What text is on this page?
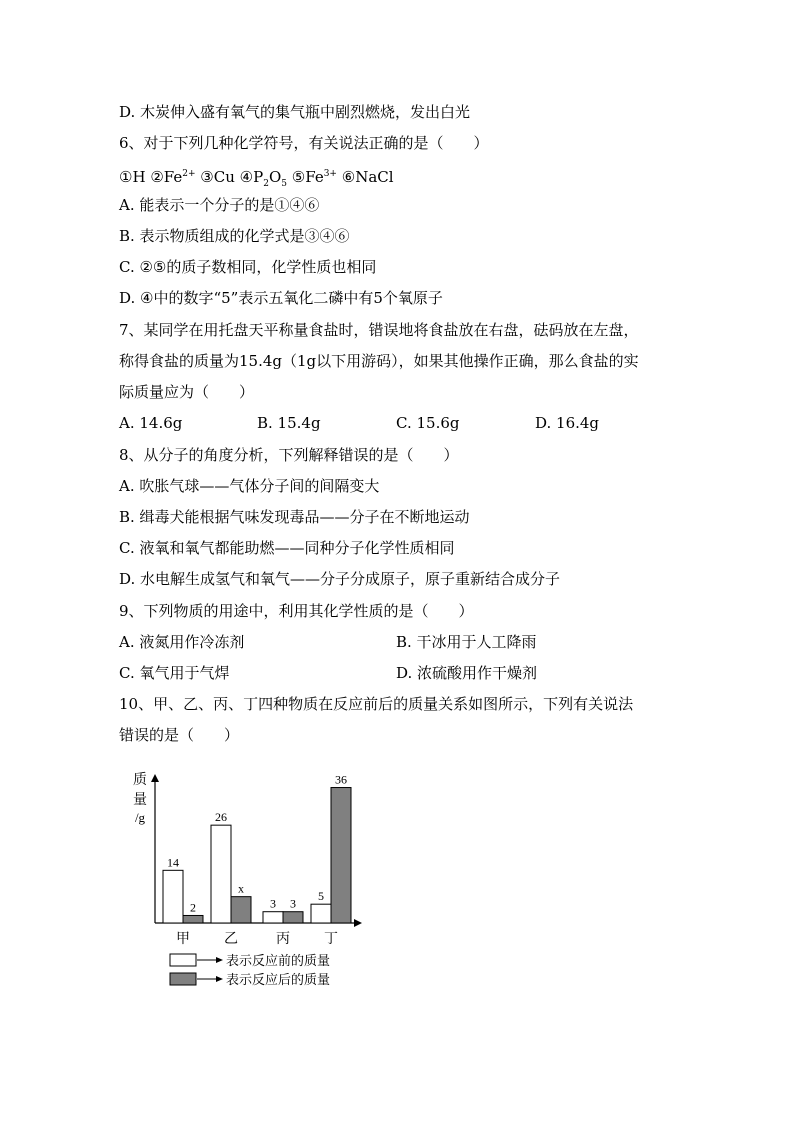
D. 木炭伸入盛有氧气的集气瓶中剧烈燃烧，发出白光
6、对于下列几种化学符号，有关说法正确的是（　　）
①H $②Fe^{2+}$ ③Cu $④P_2O_5$ $⑤Fe^{3+}$ ⑥NaCl
A. 能表示一个分子的是①④⑥
B. 表示物质组成的化学式是③④⑥
C. ②⑤的质子数相同，化学性质也相同
D. ④中的数字“5”表示五氧化二磷中有5个氧原子
7、某同学在用托盘天平称量食盐时，错误地将食盐放在右盘，砝码放在左盘，
称得食盐的质量为15.4g（1g以下用游码），如果其他操作正确，那么食盐的实
际质量应为（　　）
A. 14.6g	B. 15.4g	C. 15.6g	D. 16.4g
8、从分子的角度分析，下列解释错误的是（　　）
A. 吹胀气球——气体分子间的间隔变大
B. 缉毒犬能根据气味发现毒品——分子在不断地运动
C. 液氧和氧气都能助燃——同种分子化学性质相同
D. 水电解生成氢气和氧气——分子分成原子，原子重新结合成分子
9、下列物质的用途中，利用其化学性质的是（　　）
A. 液氮用作冷冻剂	B. 干冰用于人工降雨
C. 氧气用于气焊	D. 浓硫酸用作干燥剂
10、甲、乙、丙、丁四种物质在反应前后的质量关系如图所示，下列有关说法
错误的是（　　）
质
量
/g
14
2
甲
26
x
乙
3 3
丙
5
36
丁
表示反应前的质量
表示反应后的质量
